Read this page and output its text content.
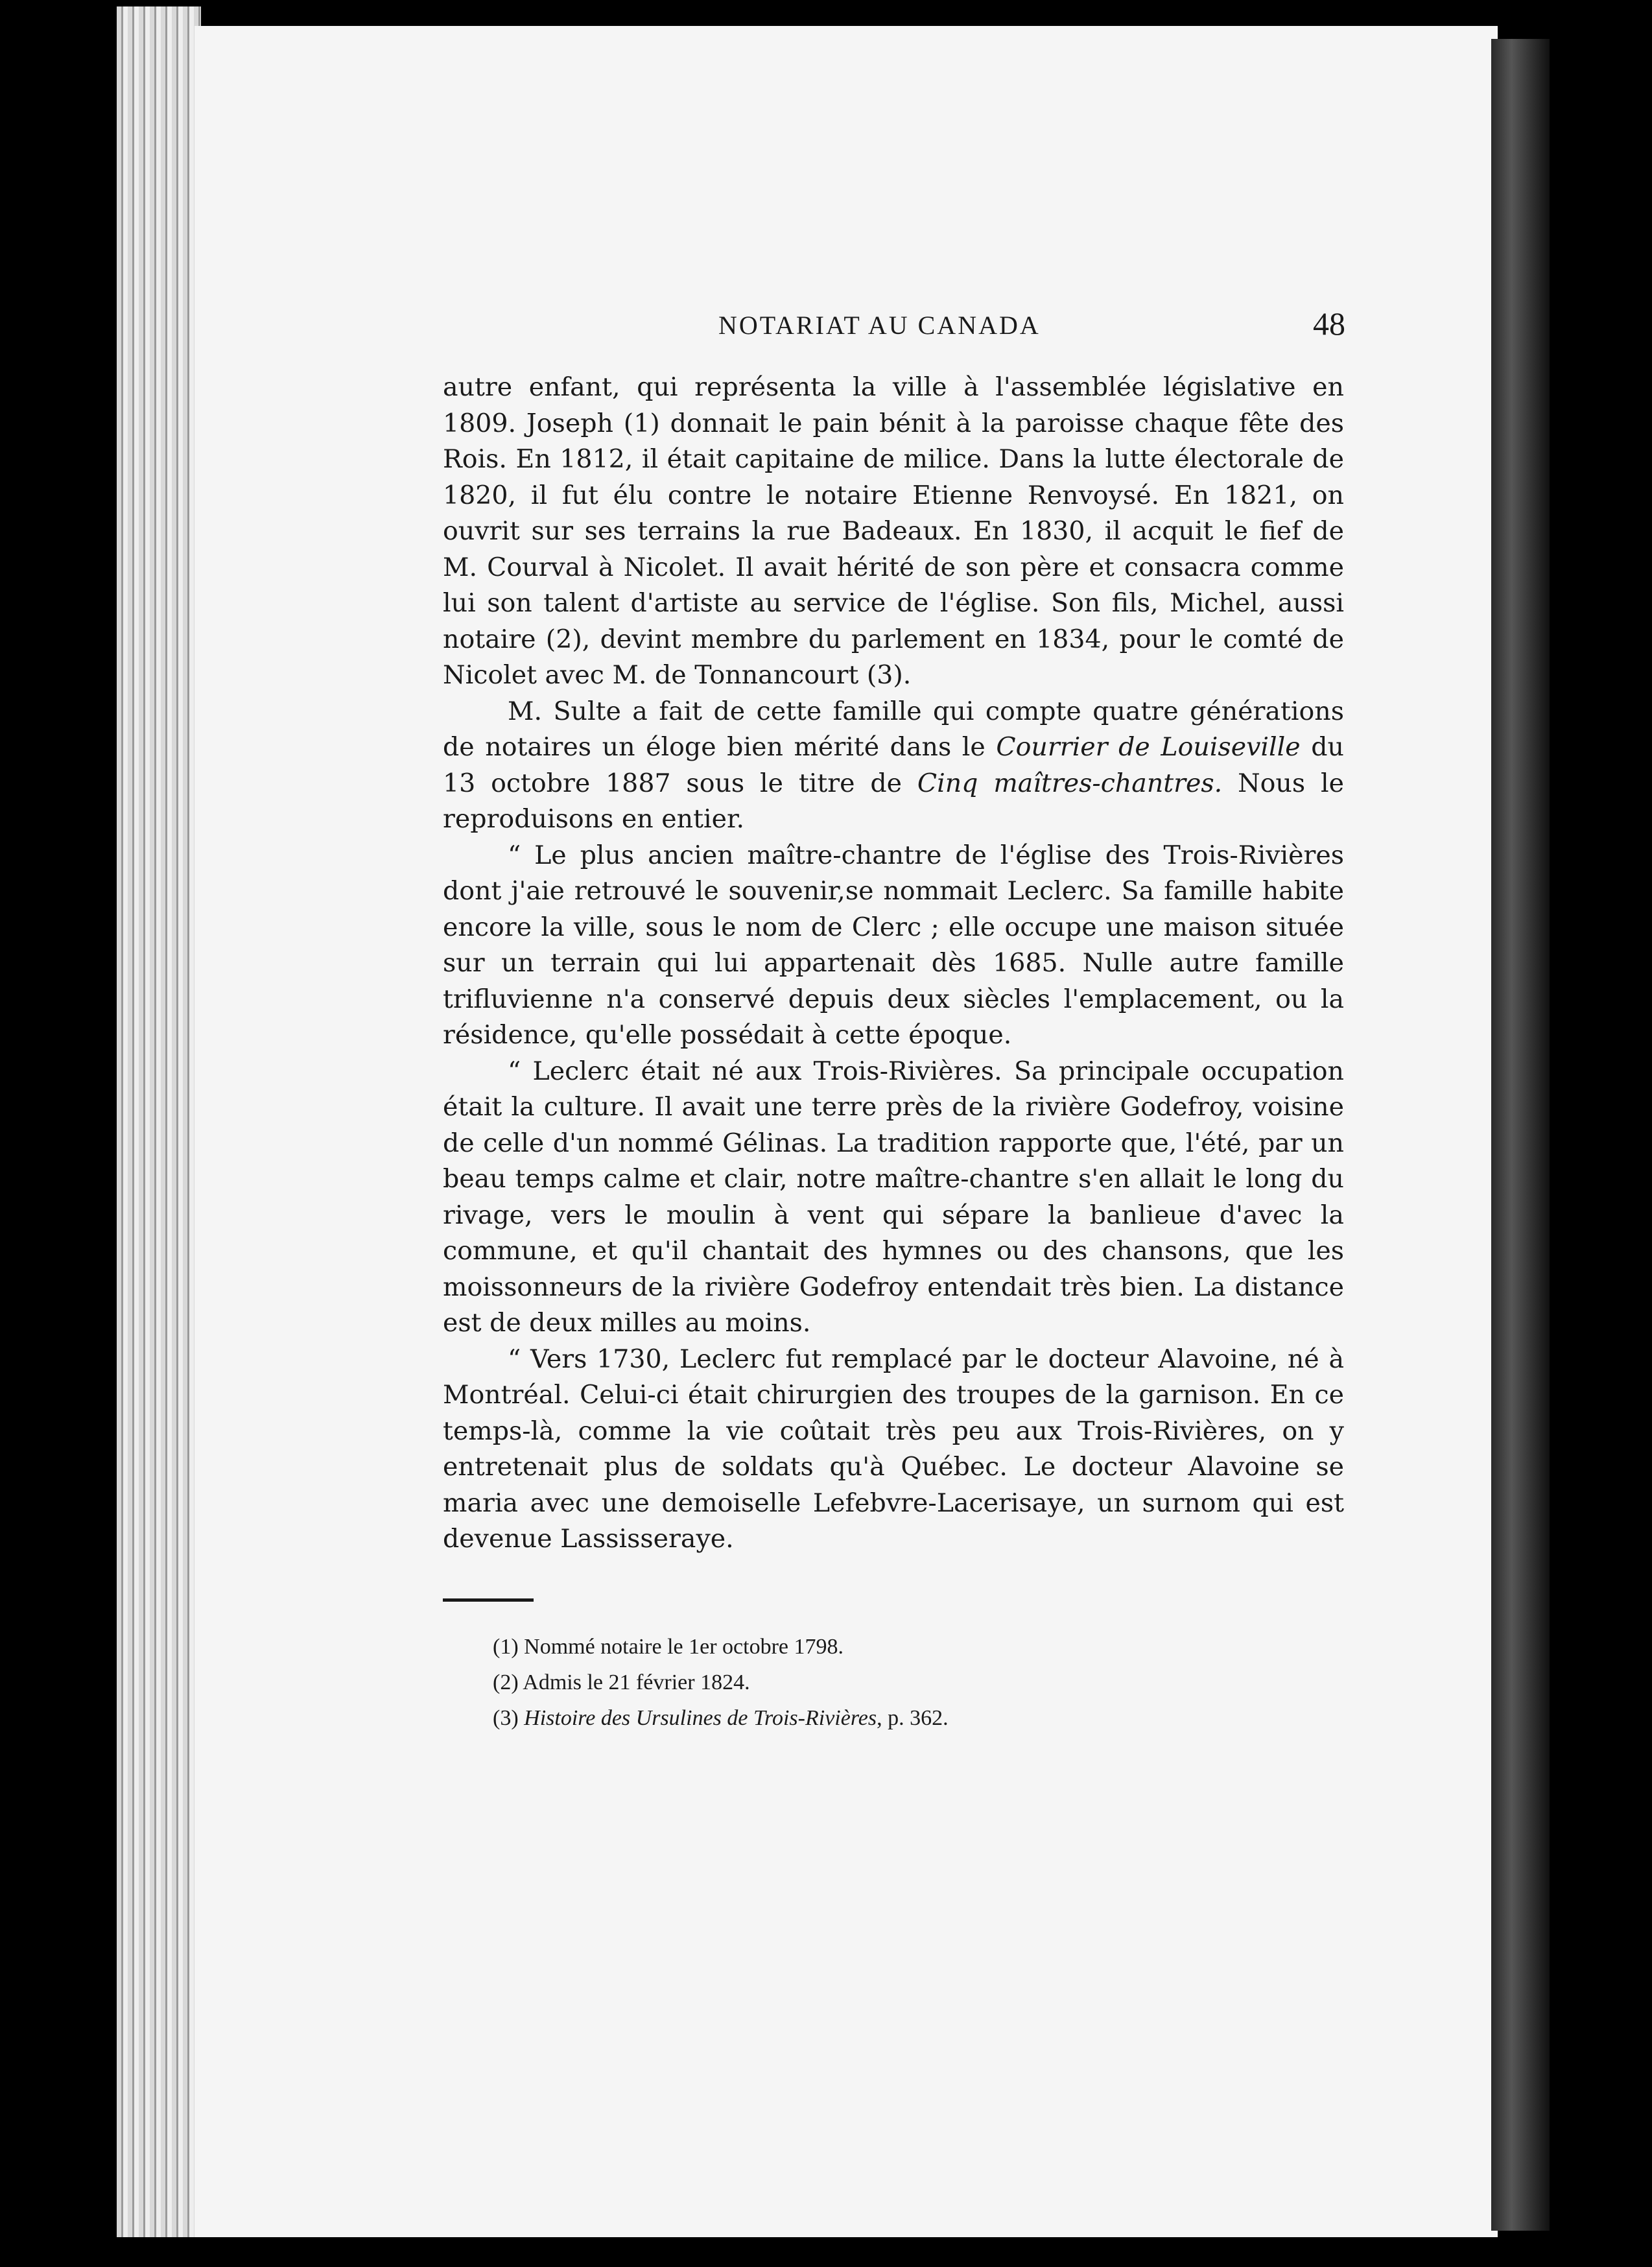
NOTARIAT AU CANADA	48

autre enfant, qui représenta la ville à l'assemblée législative en 1809. Joseph (1) donnait le pain bénit à la paroisse chaque fête des Rois. En 1812, il était capitaine de milice. Dans la lutte électorale de 1820, il fut élu contre le notaire Etienne Renvoysé. En 1821, on ouvrit sur ses terrains la rue Badeaux. En 1830, il acquit le fief de M. Courval à Nicolet. Il avait hérité de son père et consacra comme lui son talent d'artiste au service de l'église. Son fils, Michel, aussi notaire (2), devint membre du parlement en 1834, pour le comté de Nicolet avec M. de Tonnancourt (3).

M. Sulte a fait de cette famille qui compte quatre générations de notaires un éloge bien mérité dans le Courrier de Louiseville du 13 octobre 1887 sous le titre de Cinq maîtres-chantres. Nous le reproduisons en entier.

“ Le plus ancien maître-chantre de l'église des Trois-Rivières dont j'aie retrouvé le souvenir,se nommait Leclerc. Sa famille habite encore la ville, sous le nom de Clerc ; elle occupe une maison située sur un terrain qui lui appartenait dès 1685. Nulle autre famille trifluvienne n'a conservé depuis deux siècles l'emplacement, ou la résidence, qu'elle possédait à cette époque.

“ Leclerc était né aux Trois-Rivières. Sa principale occupation était la culture. Il avait une terre près de la rivière Godefroy, voisine de celle d'un nommé Gélinas. La tradition rapporte que, l'été, par un beau temps calme et clair, notre maître-chantre s'en allait le long du rivage, vers le moulin à vent qui sépare la banlieue d'avec la commune, et qu'il chantait des hymnes ou des chansons, que les moissonneurs de la rivière Godefroy entendait très bien. La distance est de deux milles au moins.

“ Vers 1730, Leclerc fut remplacé par le docteur Alavoine, né à Montréal. Celui-ci était chirurgien des troupes de la garnison. En ce temps-là, comme la vie coûtait très peu aux Trois-Rivières, on y entretenait plus de soldats qu'à Québec. Le docteur Alavoine se maria avec une demoiselle Lefebvre-Lacerisaye, un surnom qui est devenue Lassisseraye.

(1) Nommé notaire le 1er octobre 1798.
(2) Admis le 21 février 1824.
(3) Histoire des Ursulines de Trois-Rivières, p. 362.
